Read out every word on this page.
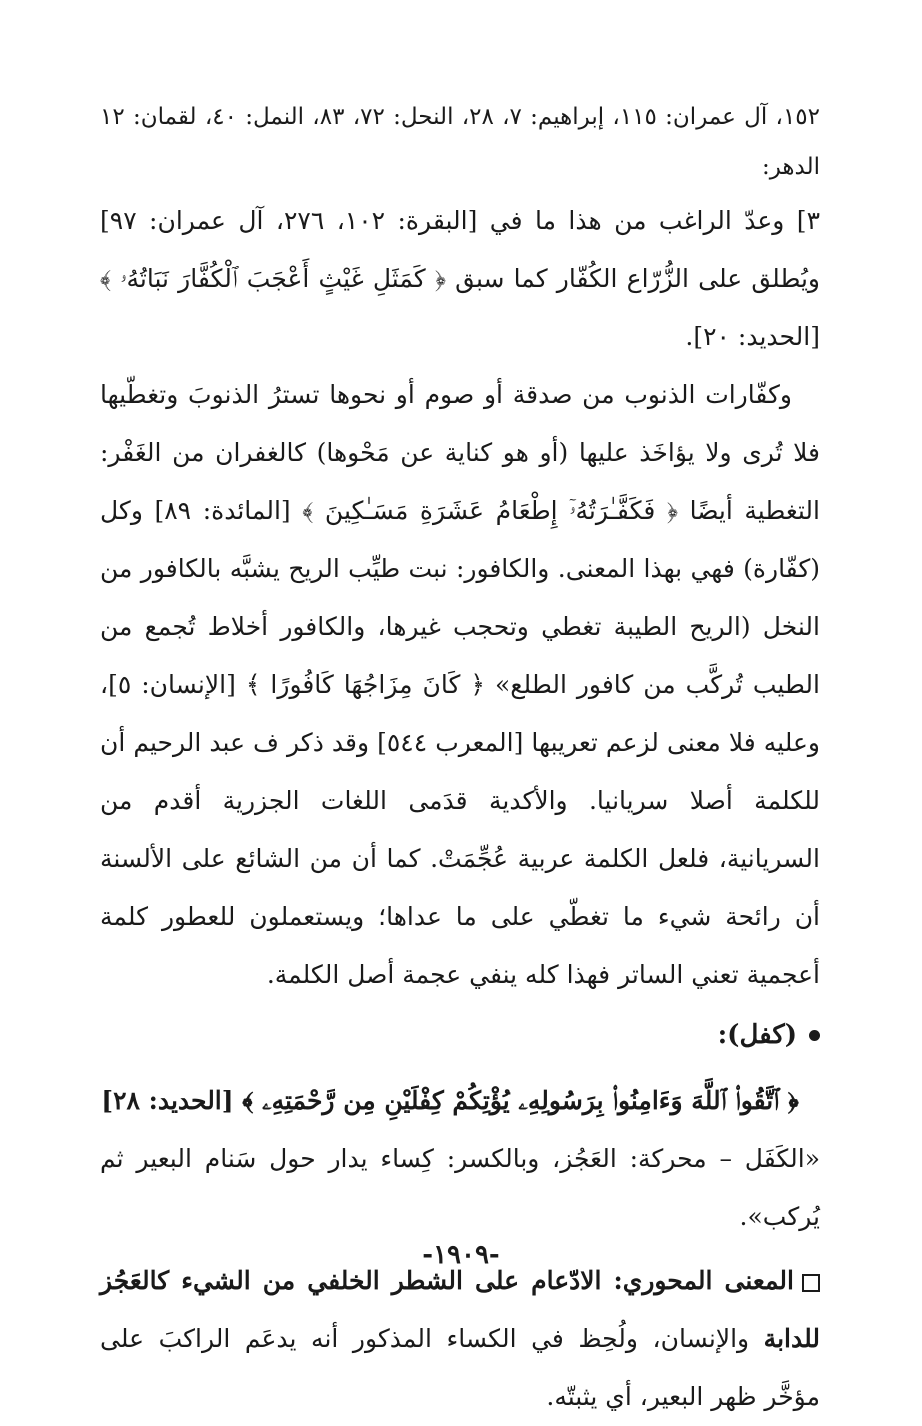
١٥٢، آل عمران: ١١٥، إبراهيم: ٧، ٢٨، النحل: ٧٢، ٨٣، النمل: ٤٠، لقمان: ١٢ الدهر:

٣] وعدّ الراغب من هذا ما في [البقرة: ١٠٢، ٢٧٦، آل عمران: ٩٧] ويُطلق على الزُّرّاع الكُفّار كما سبق ﴿ كَمَثَلِ غَيْثٍ أَعْجَبَ ٱلْكُفَّارَ نَبَاتُهُۥ ﴾ [الحديد: ٢٠].

وكفّارات الذنوب من صدقة أو صوم أو نحوها تسترُ الذنوبَ وتغطّيها فلا تُرى ولا يؤاخَذ عليها (أو هو كناية عن مَحْوها) كالغفران من الغَفْر: التغطية أيضًا ﴿ فَكَفَّـٰرَتُهُۥٓ إِطْعَامُ عَشَرَةِ مَسَـٰكِينَ ﴾ [المائدة: ٨٩] وكل (كفّارة) فهي بهذا المعنى. والكافور: نبت طيِّب الريح يشبَّه بالكافور من النخل (الريح الطيبة تغطي وتحجب غيرها، والكافور أخلاط تُجمع من الطيب تُركَّب من كافور الطلع» ﴿ كَانَ مِزَاجُهَا كَافُورًا ﴾ [الإنسان: ٥]، وعليه فلا معنى لزعم تعريبها [المعرب ٥٤٤] وقد ذكر ف عبد الرحيم أن للكلمة أصلا سريانيا. والأكدية قدَمى اللغات الجزرية أقدم من السريانية، فلعل الكلمة عربية عُجِّمَتْ. كما أن من الشائع على الألسنة أن رائحة شيء ما تغطّي على ما عداها؛ ويستعملون للعطور كلمة أعجمية تعني الساتر فهذا كله ينفي عجمة أصل الكلمة.

(كفل):

﴿ ٱتَّقُوا۟ ٱللَّهَ وَءَامِنُوا۟ بِرَسُولِهِۦ يُؤْتِكُمْ كِفْلَيْنِ مِن رَّحْمَتِهِۦ ﴾ [الحديد: ٢٨]

«الكَفَل – محركة: العَجُز، وبالكسر: كِساء يدار حول سَنام البعير ثم يُركب».

المعنى المحوري: الادّعام على الشطر الخلفي من الشيء كالعَجُز للدابة والإنسان، ولُحِظ في الكساء المذكور أنه يدعَم الراكبَ على مؤخَّر ظهر البعير، أي يثبتّه.

-١٩٠٩-
